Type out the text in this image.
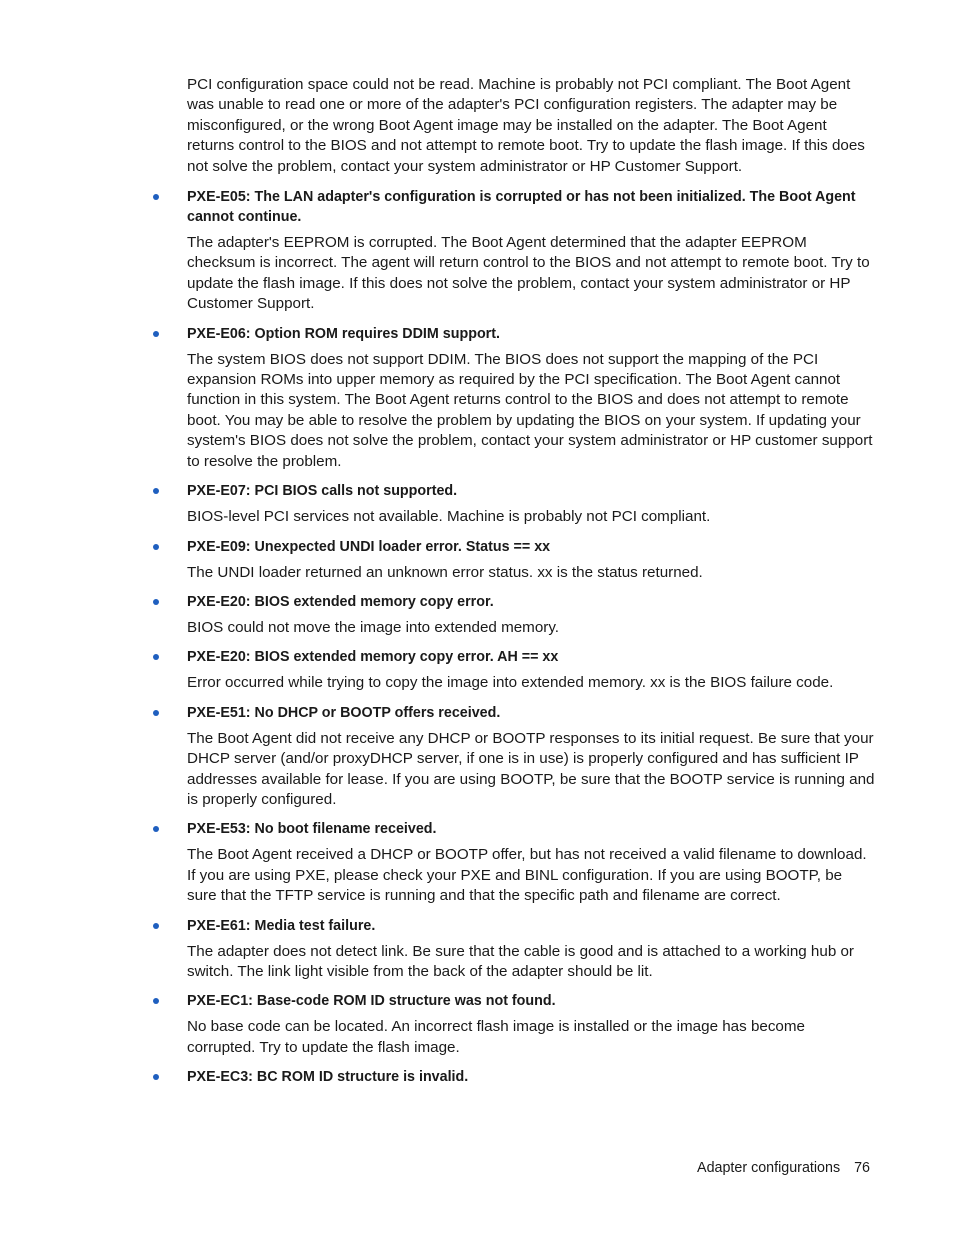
PCI configuration space could not be read. Machine is probably not PCI compliant. The Boot Agent was unable to read one or more of the adapter's PCI configuration registers. The adapter may be misconfigured, or the wrong Boot Agent image may be installed on the adapter. The Boot Agent returns control to the BIOS and not attempt to remote boot. Try to update the flash image. If this does not solve the problem, contact your system administrator or HP Customer Support.

PXE-E05: The LAN adapter's configuration is corrupted or has not been initialized. The Boot Agent cannot continue.

The adapter's EEPROM is corrupted. The Boot Agent determined that the adapter EEPROM checksum is incorrect. The agent will return control to the BIOS and not attempt to remote boot. Try to update the flash image. If this does not solve the problem, contact your system administrator or HP Customer Support.

PXE-E06: Option ROM requires DDIM support.

The system BIOS does not support DDIM. The BIOS does not support the mapping of the PCI expansion ROMs into upper memory as required by the PCI specification. The Boot Agent cannot function in this system. The Boot Agent returns control to the BIOS and does not attempt to remote boot. You may be able to resolve the problem by updating the BIOS on your system. If updating your system's BIOS does not solve the problem, contact your system administrator or HP customer support to resolve the problem.

PXE-E07: PCI BIOS calls not supported.

BIOS-level PCI services not available. Machine is probably not PCI compliant.

PXE-E09: Unexpected UNDI loader error. Status == xx

The UNDI loader returned an unknown error status. xx is the status returned.

PXE-E20: BIOS extended memory copy error.

BIOS could not move the image into extended memory.

PXE-E20: BIOS extended memory copy error. AH == xx

Error occurred while trying to copy the image into extended memory. xx is the BIOS failure code.

PXE-E51: No DHCP or BOOTP offers received.

The Boot Agent did not receive any DHCP or BOOTP responses to its initial request. Be sure that your DHCP server (and/or proxyDHCP server, if one is in use) is properly configured and has sufficient IP addresses available for lease. If you are using BOOTP, be sure that the BOOTP service is running and is properly configured.

PXE-E53: No boot filename received.

The Boot Agent received a DHCP or BOOTP offer, but has not received a valid filename to download. If you are using PXE, please check your PXE and BINL configuration. If you are using BOOTP, be sure that the TFTP service is running and that the specific path and filename are correct.

PXE-E61: Media test failure.

The adapter does not detect link. Be sure that the cable is good and is attached to a working hub or switch. The link light visible from the back of the adapter should be lit.

PXE-EC1: Base-code ROM ID structure was not found.

No base code can be located. An incorrect flash image is installed or the image has become corrupted. Try to update the flash image.

PXE-EC3: BC ROM ID structure is invalid.
Adapter configurations 76
